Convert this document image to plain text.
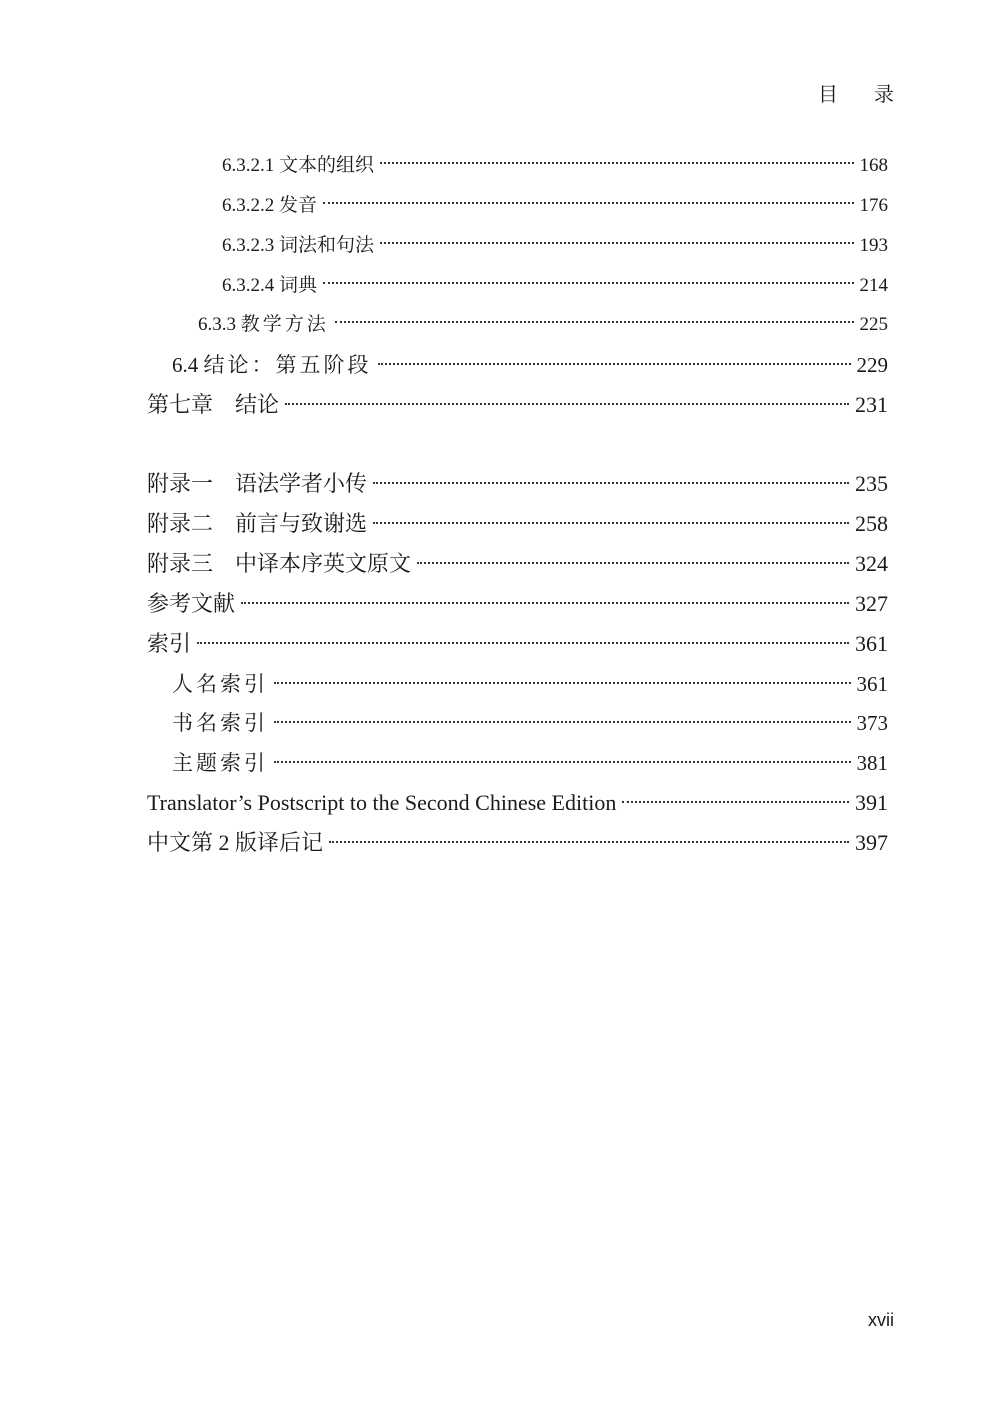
目 录
6.3.2.1 文本的组织	168
6.3.2.2 发音	176
6.3.2.3 词法和句法	193
6.3.2.4 词典	214
6.3.3 教学方法	225
6.4 结论：第五阶段	229
第七章　 结论	231
附录一　 语法学者小传	235
附录二　 前言与致谢选	258
附录三　 中译本序英文原文	324
参考文献	327
索引	361
人名索引	361
书名索引	373
主题索引	381
Translator’s Postscript to the Second Chinese Edition	391
中文第 2 版译后记	397
xvii
